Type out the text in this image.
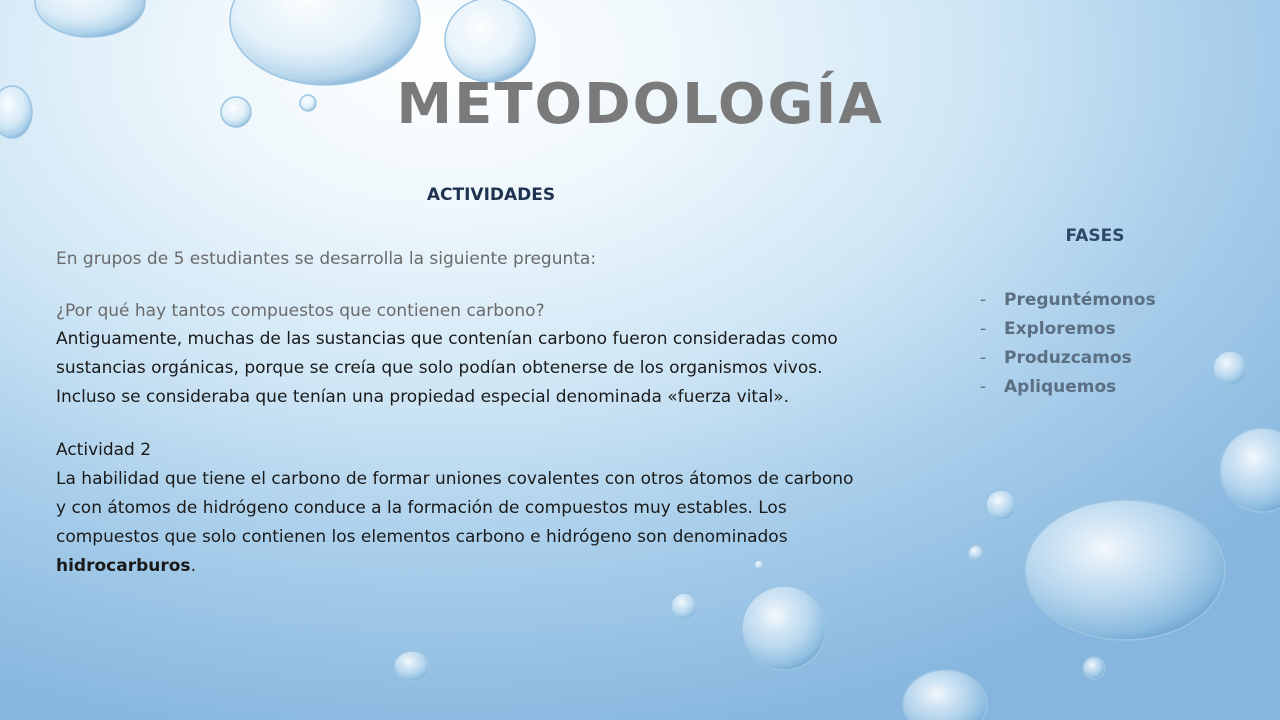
METODOLOGÍA
ACTIVIDADES

En grupos de 5 estudiantes se desarrolla la siguiente pregunta:

¿Por qué hay tantos compuestos que contienen carbono?

Antiguamente, muchas de las sustancias que contenían carbono fueron consideradas como sustancias orgánicas, porque se creía que solo podían obtenerse de los organismos vivos. Incluso se consideraba que tenían una propiedad especial denominada «fuerza vital».

Actividad 2

La habilidad que tiene el carbono de formar uniones covalentes con otros átomos de carbono y con átomos de hidrógeno conduce a la formación de compuestos muy estables. Los compuestos que solo contienen los elementos carbono e hidrógeno son denominados hidrocarburos.

FASES
-	Preguntémonos
-	Exploremos
-	Produzcamos
-	Apliquemos
